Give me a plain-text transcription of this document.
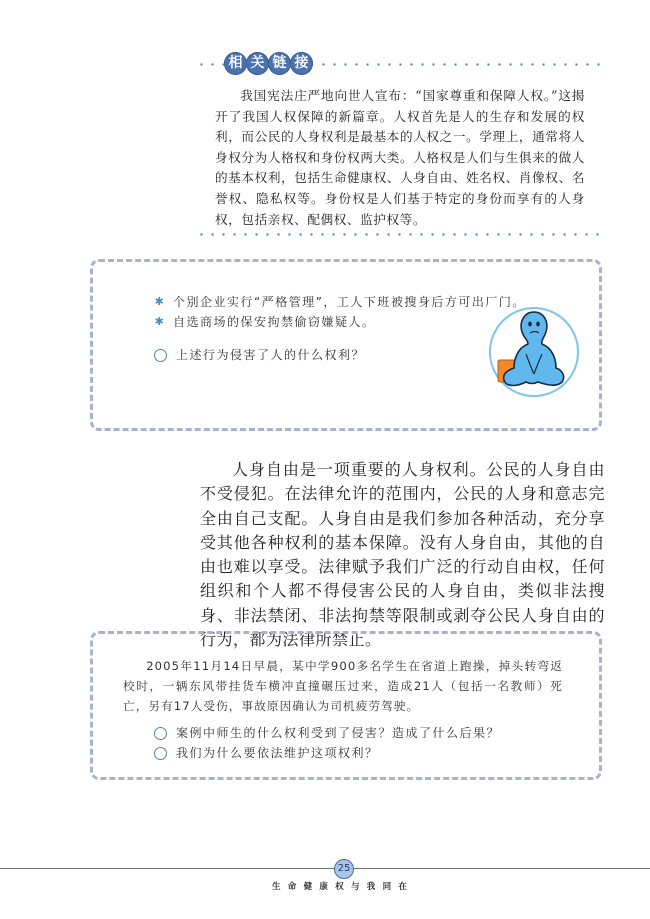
相 关 链 接

我国宪法庄严地向世人宣布：“国家尊重和保障人权。”这揭开了我国人权保障的新篇章。人权首先是人的生存和发展的权利，而公民的人身权利是最基本的人权之一。学理上，通常将人身权分为人格权和身份权两大类。人格权是人们与生俱来的做人的基本权利，包括生命健康权、人身自由、姓名权、肖像权、名誉权、隐私权等。身份权是人们基于特定的身份而享有的人身权，包括亲权、配偶权、监护权等。

✱ 个别企业实行“严格管理”，工人下班被搜身后方可出厂门。
✱ 自选商场的保安拘禁偷窃嫌疑人。
上述行为侵害了人的什么权利？

人身自由是一项重要的人身权利。公民的人身自由不受侵犯。在法律允许的范围内，公民的人身和意志完全由自己支配。人身自由是我们参加各种活动，充分享受其他各种权利的基本保障。没有人身自由，其他的自由也难以享受。法律赋予我们广泛的行动自由权，任何组织和个人都不得侵害公民的人身自由，类似非法搜身、非法禁闭、非法拘禁等限制或剥夺公民人身自由的行为，都为法律所禁止。

2005年11月14日早晨，某中学900多名学生在省道上跑操，掉头转弯返校时，一辆东风带挂货车横冲直撞碾压过来，造成21人（包括一名教师）死亡，另有17人受伤，事故原因确认为司机疲劳驾驶。

案例中师生的什么权利受到了侵害？造成了什么后果？
我们为什么要依法维护这项权利？
25
生命健康权与我同在
